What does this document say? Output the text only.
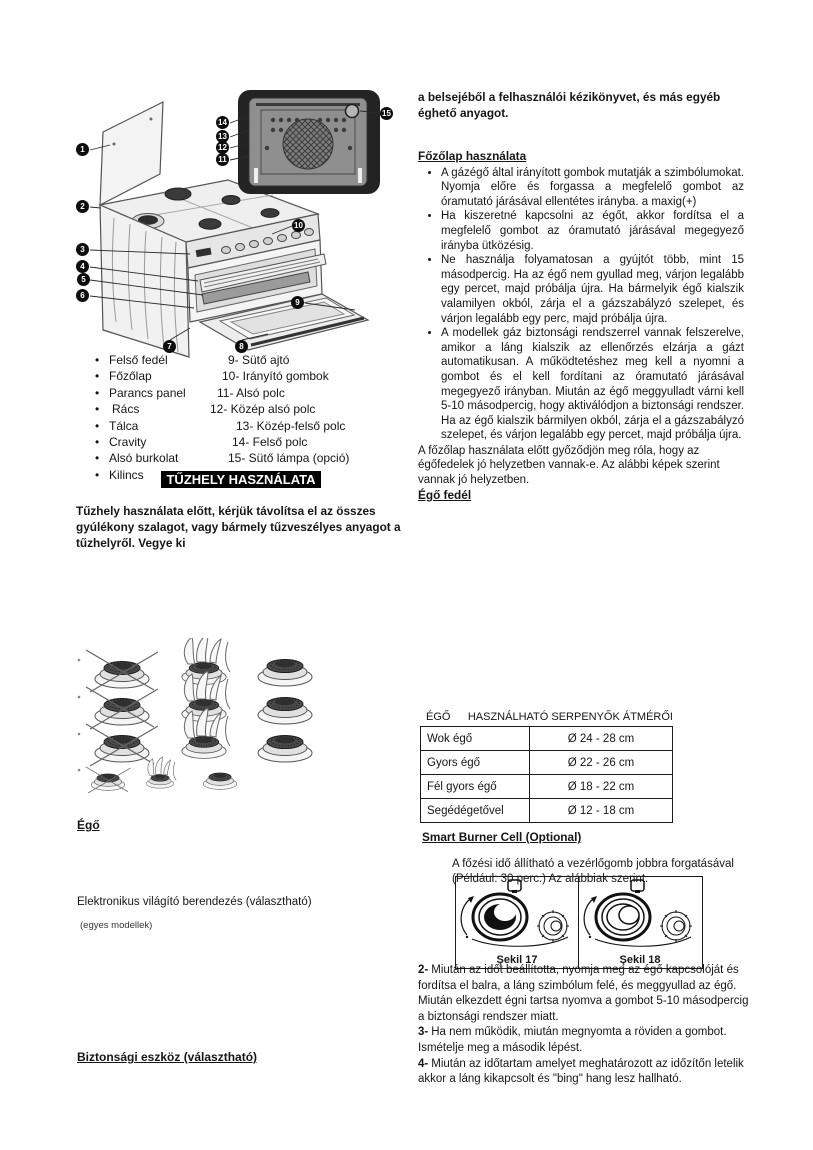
1
2
3
4
5
6
7	8
9
10
11
12
13
14
15
• Felső fedél
• Főzőlap
• Parancs panel
•	Rács
• Tálca
• Cravity
• Alsó burkolat
• Kilincs
9- Sütő ajtó
10- Irányító gombok
11- Alsó polc
12- Közép alsó polc
13- Közép-felső polc
14- Felső polc
15- Sütő lámpa (opció)
TŰZHELY HASZNÁLATA

Tűzhely használata előtt, kérjük távolítsa el az összes gyúlékony szalagot, vagy bármely tűzveszélyes anyagot a tűzhelyről. Vegye ki

Égő
Elektronikus világító berendezés (választható)
(egyes modellek)
Biztonsági eszköz (választható)

a belsejéből a felhasználói kézikönyvet, és más egyéb éghető anyagot.

Főzőlap használata

• A gázégő által irányított gombok mutatják a szimbólumokat. Nyomja előre és forgassa a megfelelő gombot az óramutató járásával ellentétes irányba. a maxig(+)
• Ha kiszeretné kapcsolni az égőt, akkor fordítsa el a megfelelő gombot az óramutató járásával megegyező irányba ütközésig.
• Ne használja folyamatosan a gyújtót több, mint 15 másodpercig. Ha az égő nem gyullad meg, várjon legalább egy percet, majd próbálja újra. Ha bármelyik égő kialszik valamilyen okból, zárja el a gázszabályzó szelepet, és várjon legalább egy perc, majd próbálja újra.
• A modellek gáz biztonsági rendszerrel vannak felszerelve, amikor a láng kialszik az ellenőrzés elzárja a gázt automatikusan. A működtetéshez meg kell a nyomni a gombot és el kell fordítani az óramutató járásával megegyező irányban. Miután az égő meggyulladt várni kell 5-10 másodpercig, hogy aktiválódjon a biztonsági rendszer. Ha az égő kialszik bármilyen okból, zárja el a gázszabályzó szelepet, és várjon legalább egy percet, majd próbálja újra.

A főzőlap használata előtt győződjön meg róla, hogy az égőfedelek jó helyzetben vannak-e. Az alábbi képek szerint vannak jó helyzetben.

Égő fedél

ÉGŐ HASZNÁLHATÓ SERPENYŐK ÁTMÉRŐI
Wok égő	Ø 24 - 28 cm
Gyors égő	Ø 22 - 26 cm
Fél gyors égő	Ø 18 - 22 cm
Segédégetővel	Ø 12 - 18 cm
Smart Burner Cell (Optional)

A főzési idő állítható a vezérlőgomb jobbra forgatásával (Például: 30 perc.) Az alábbiak szerint.

Şekil 17	Şekil 18

2- Miután az időt beállította, nyomja meg az égő kapcsolóját és fordítsa el balra, a láng szimbólum felé, és meggyullad az égő. Miután elkezdett égni tartsa nyomva a gombot 5-10 másodpercig a biztonsági rendszer miatt.

3- Ha nem működik, miután megnyomta a röviden a gombot. Ismételje meg a második lépést.

4- Miután az időtartam amelyet meghatározott az időzítőn letelik akkor a láng kikapcsolt és "bing" hang lesz hallható.
